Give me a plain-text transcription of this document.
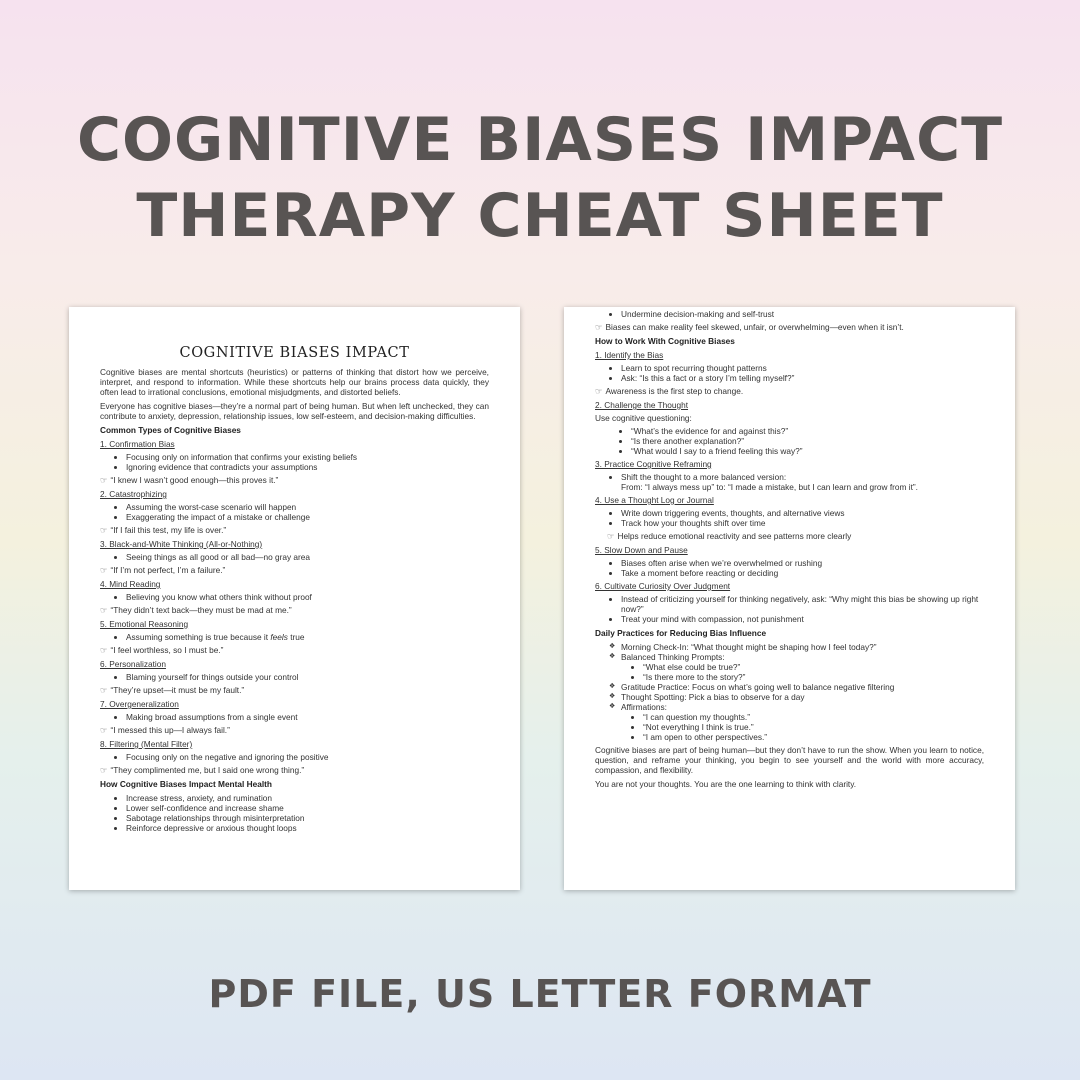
COGNITIVE BIASES IMPACT
THERAPY CHEAT SHEET
COGNITIVE BIASES IMPACT

Cognitive biases are mental shortcuts (heuristics) or patterns of thinking that distort how we perceive, interpret, and respond to information. While these shortcuts help our brains process data quickly, they often lead to irrational conclusions, emotional misjudgments, and distorted beliefs.

Everyone has cognitive biases—they’re a normal part of being human. But when left unchecked, they can contribute to anxiety, depression, relationship issues, low self-esteem, and decision-making difficulties.

Common Types of Cognitive Biases
1. Confirmation Bias
• Focusing only on information that confirms your existing beliefs
• Ignoring evidence that contradicts your assumptions
☞ “I knew I wasn’t good enough—this proves it.”
2. Catastrophizing
• Assuming the worst-case scenario will happen
• Exaggerating the impact of a mistake or challenge
☞ “If I fail this test, my life is over.”
3. Black-and-White Thinking (All-or-Nothing)
• Seeing things as all good or all bad—no gray area
☞ “If I’m not perfect, I’m a failure.”
4. Mind Reading
• Believing you know what others think without proof
☞ “They didn’t text back—they must be mad at me.”
5. Emotional Reasoning
• Assuming something is true because it feels true
☞ “I feel worthless, so I must be.”
6. Personalization
• Blaming yourself for things outside your control
☞ “They’re upset—it must be my fault.”
7. Overgeneralization
• Making broad assumptions from a single event
☞ “I messed this up—I always fail.”
8. Filtering (Mental Filter)
• Focusing only on the negative and ignoring the positive
☞ “They complimented me, but I said one wrong thing.”
How Cognitive Biases Impact Mental Health
• Increase stress, anxiety, and rumination
• Lower self-confidence and increase shame
• Sabotage relationships through misinterpretation
• Reinforce depressive or anxious thought loops
• Undermine decision-making and self-trust
☞ Biases can make reality feel skewed, unfair, or overwhelming—even when it isn’t.
How to Work With Cognitive Biases
1. Identify the Bias
• Learn to spot recurring thought patterns
• Ask: “Is this a fact or a story I’m telling myself?”
☞ Awareness is the first step to change.
2. Challenge the Thought
Use cognitive questioning:
• “What’s the evidence for and against this?”
• “Is there another explanation?”
• “What would I say to a friend feeling this way?”
3. Practice Cognitive Reframing
• Shift the thought to a more balanced version:
From: “I always mess up” to: “I made a mistake, but I can learn and grow from it”.
4. Use a Thought Log or Journal
• Write down triggering events, thoughts, and alternative views
• Track how your thoughts shift over time
☞ Helps reduce emotional reactivity and see patterns more clearly
5. Slow Down and Pause
• Biases often arise when we’re overwhelmed or rushing
• Take a moment before reacting or deciding
6. Cultivate Curiosity Over Judgment
• Instead of criticizing yourself for thinking negatively, ask: “Why might this bias be showing up right now?”
• Treat your mind with compassion, not punishment
Daily Practices for Reducing Bias Influence
❖ Morning Check-In: “What thought might be shaping how I feel today?”
❖ Balanced Thinking Prompts:
• “What else could be true?”
• “Is there more to the story?”
❖ Gratitude Practice: Focus on what’s going well to balance negative filtering
❖ Thought Spotting: Pick a bias to observe for a day
❖ Affirmations:
• “I can question my thoughts.”
• “Not everything I think is true.”
• “I am open to other perspectives.”

Cognitive biases are part of being human—but they don’t have to run the show. When you learn to notice, question, and reframe your thinking, you begin to see yourself and the world with more accuracy, compassion, and flexibility.

You are not your thoughts. You are the one learning to think with clarity.

PDF FILE, US LETTER FORMAT
